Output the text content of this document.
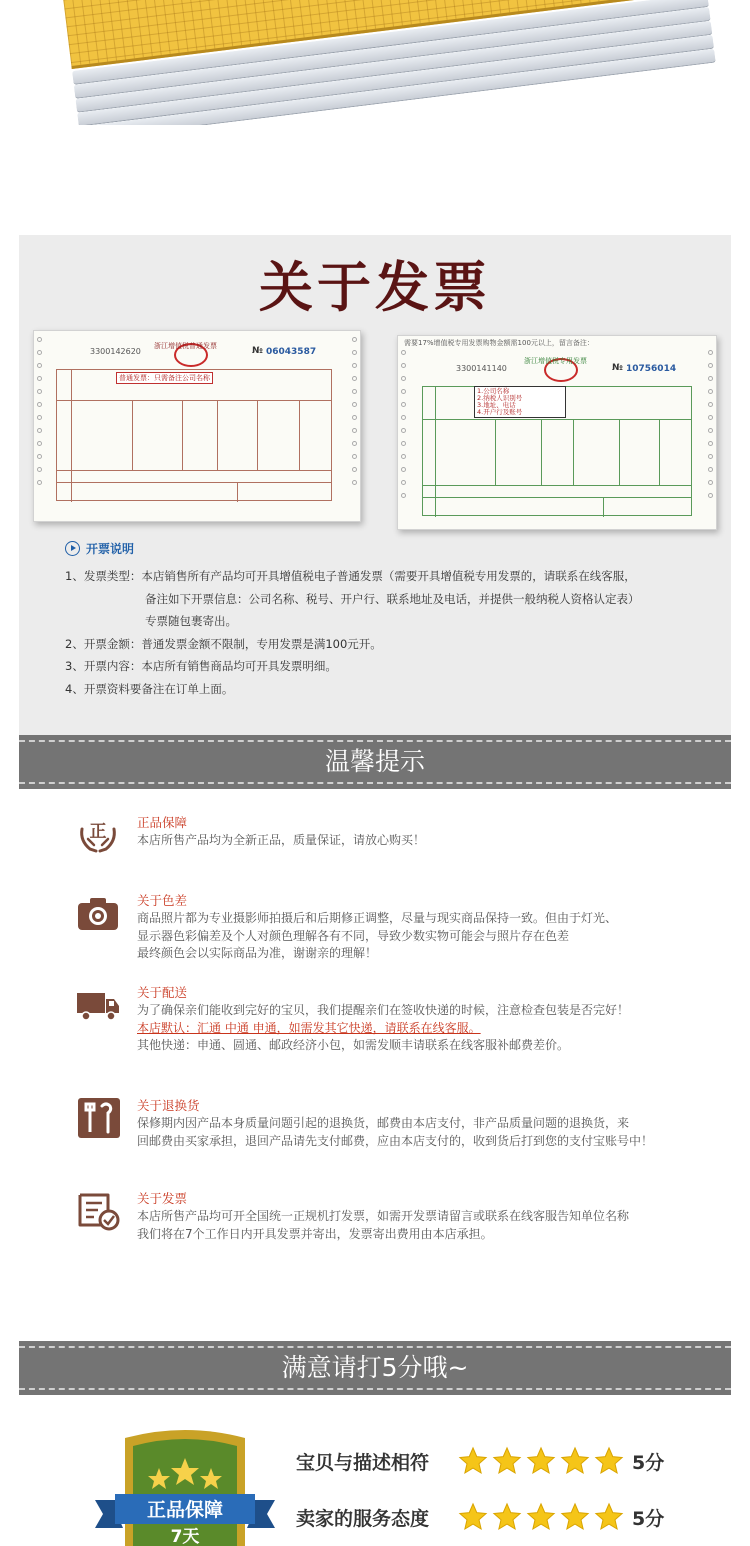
关于发票
3300142620
浙江增值税普通发票	№ 06043587
普通发票：只需备注公司名称
需要17%增值税专用发票购物金额需100元以上，留言备注：
3300141140
浙江增值税专用发票
№ 10756014
1.公司名称
2.纳税人识别号
3.地址、电话
4.开户行及账号
开票说明
1、发票类型：本店销售所有产品均可开具增值税电子普通发票（需要开具增值税专用发票的，请联系在线客服，
备注如下开票信息：公司名称、税号、开户行、联系地址及电话，并提供一般纳税人资格认定表）
专票随包裹寄出。
2、开票金额：普通发票金额不限制，专用发票是满100元开。
3、开票内容：本店所有销售商品均可开具发票明细。
4、开票资料要备注在订单上面。
温馨提示
正 正品保障
本店所售产品均为全新正品，质量保证，请放心购买！
关于色差
商品照片都为专业摄影师拍摄后和后期修正调整，尽量与现实商品保持一致。但由于灯光、
显示器色彩偏差及个人对颜色理解各有不同，导致少数实物可能会与照片存在色差
最终颜色会以实际商品为准，谢谢亲的理解！
关于配送
为了确保亲们能收到完好的宝贝，我们提醒亲们在签收快递的时候，注意检查包装是否完好！
本店默认：汇通 中通 申通，如需发其它快递，请联系在线客服。
其他快递：申通、圆通、邮政经济小包，如需发顺丰请联系在线客服补邮费差价。
关于退换货
保修期内因产品本身质量问题引起的退换货，邮费由本店支付，非产品质量问题的退换货，来
回邮费由买家承担，退回产品请先支付邮费，应由本店支付的，收到货后打到您的支付宝账号中！
关于发票
本店所售产品均可开全国统一正规机打发票，如需开发票请留言或联系在线客服告知单位名称
我们将在7个工作日内开具发票并寄出，发票寄出费用由本店承担。
满意请打5分哦~
正品保障
7天
宝贝与描述相符	5分
卖家的服务态度	5分
